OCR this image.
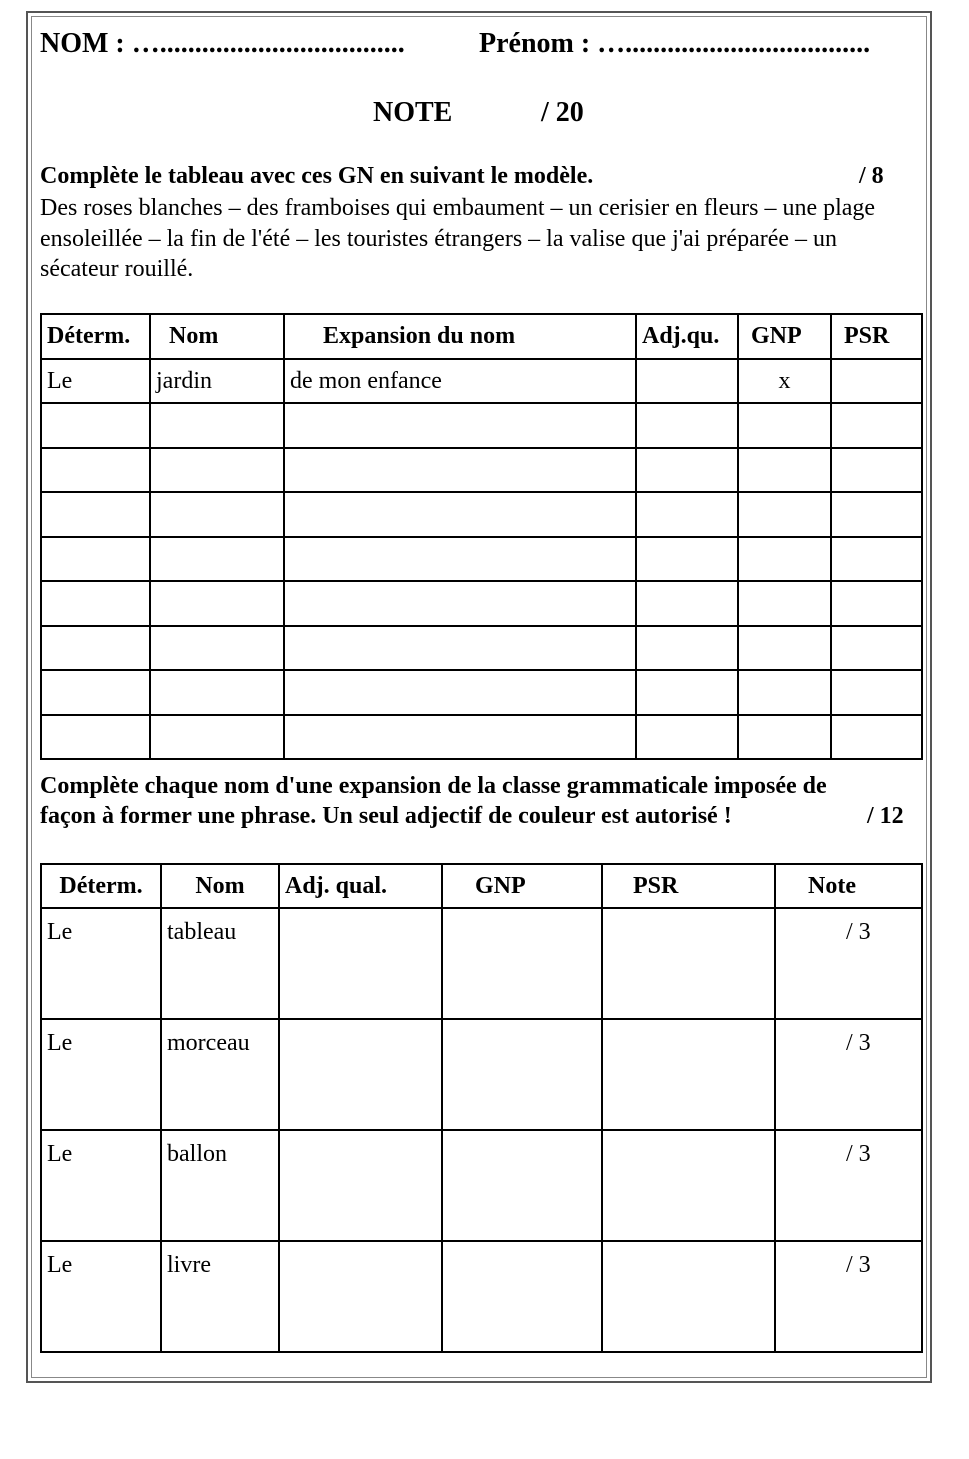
NOM : …...................................	Prénom : …...................................
NOTE	/ 20
Complète le tableau avec ces GN en suivant le modèle.	/ 8
Des roses blanches – des framboises qui embaument – un cerisier en fleurs – une plage ensoleillée – la fin de l'été – les touristes étrangers – la valise que j'ai préparée – un sécateur rouillé.
Déterm.	Nom	Expansion du nom	Adj.qu.	GNP	PSR
Le	jardin	de mon enfance		x	

Complète chaque nom d'une expansion de la classe grammaticale imposée de
façon à former une phrase. Un seul adjectif de couleur est autorisé !	/ 12
Déterm.	Nom	Adj. qual.	GNP	PSR	Note
Le	tableau				/ 3
Le	morceau				/ 3
Le	ballon				/ 3
Le	livre				/ 3
